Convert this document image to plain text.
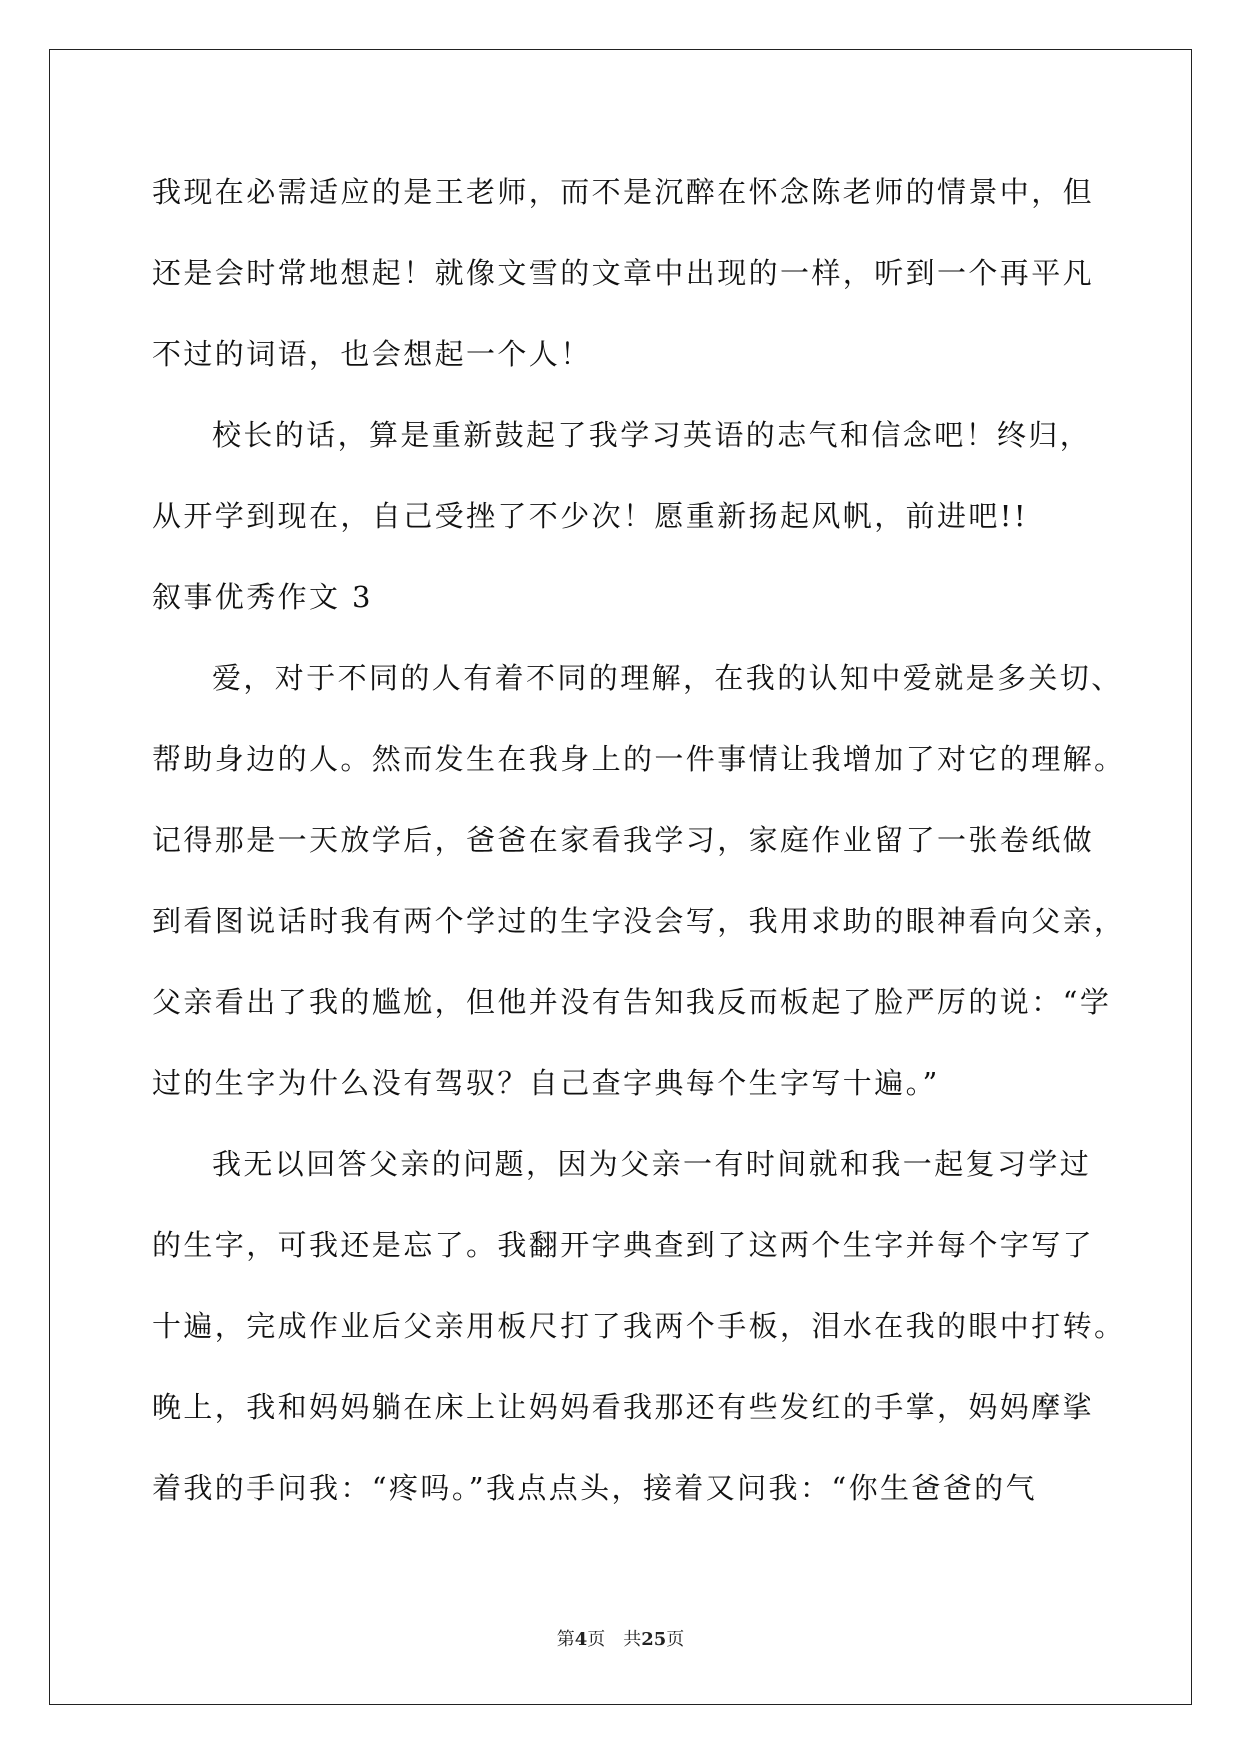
我现在必需适应的是王老师，而不是沉醉在怀念陈老师的情景中，但
还是会时常地想起！就像文雪的文章中出现的一样，听到一个再平凡
不过的词语，也会想起一个人！
校长的话，算是重新鼓起了我学习英语的志气和信念吧！终归，
从开学到现在，自己受挫了不少次！愿重新扬起风帆，前进吧!!
叙事优秀作文 3
爱，对于不同的人有着不同的理解，在我的认知中爱就是多关切、
帮助身边的人。然而发生在我身上的一件事情让我增加了对它的理解。
记得那是一天放学后，爸爸在家看我学习，家庭作业留了一张卷纸做
到看图说话时我有两个学过的生字没会写，我用求助的眼神看向父亲，
父亲看出了我的尴尬，但他并没有告知我反而板起了脸严厉的说：“学
过的生字为什么没有驾驭？自己查字典每个生字写十遍。”
我无以回答父亲的问题，因为父亲一有时间就和我一起复习学过
的生字，可我还是忘了。我翻开字典查到了这两个生字并每个字写了
十遍，完成作业后父亲用板尺打了我两个手板，泪水在我的眼中打转。
晚上，我和妈妈躺在床上让妈妈看我那还有些发红的手掌，妈妈摩挲
着我的手问我：“疼吗。”我点点头，接着又问我：“你生爸爸的气
第4页 共25页
